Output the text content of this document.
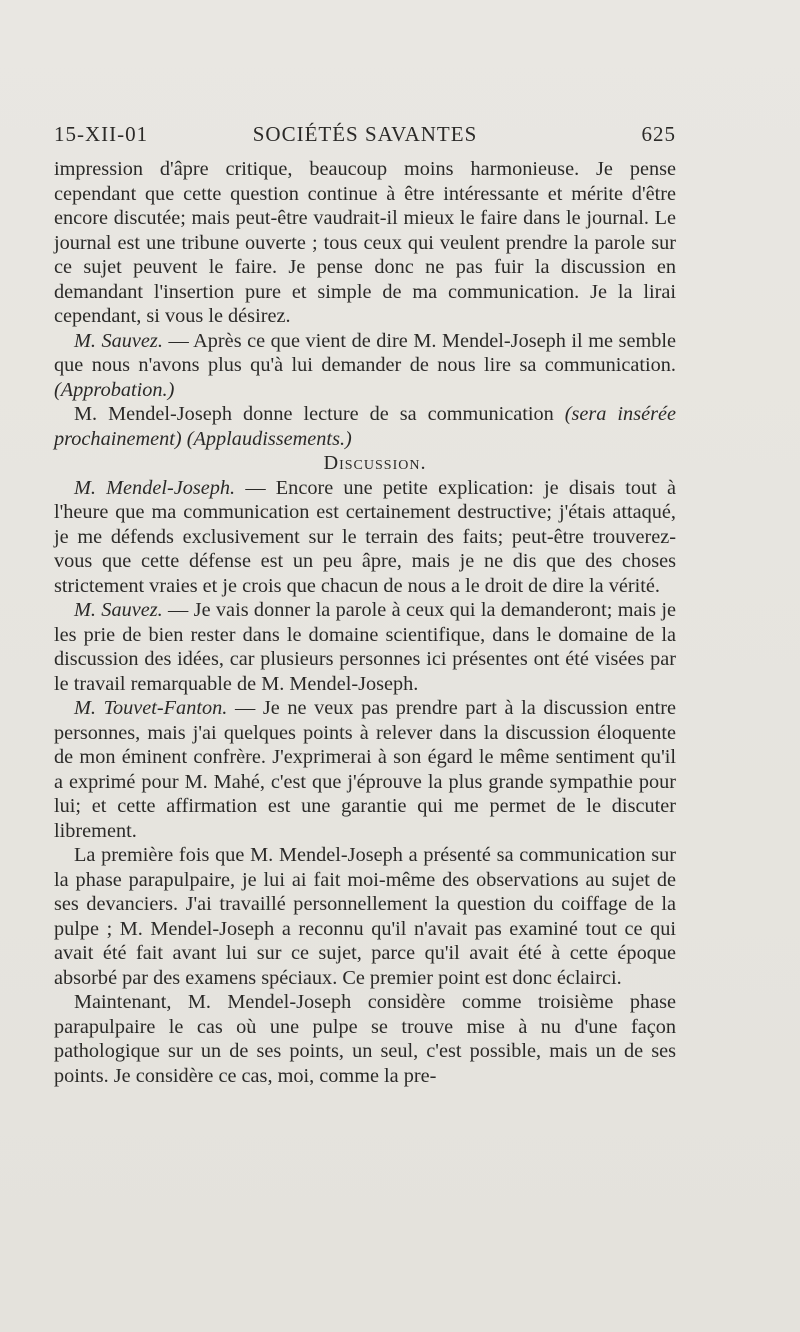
15-XII-01	SOCIÉTÉS SAVANTES	625

impression d'âpre critique, beaucoup moins harmonieuse. Je pense cependant que cette question continue à être intéressante et mérite d'être encore discutée; mais peut-être vaudrait-il mieux le faire dans le journal. Le journal est une tribune ouverte ; tous ceux qui veulent prendre la parole sur ce sujet peuvent le faire. Je pense donc ne pas fuir la discussion en demandant l'insertion pure et simple de ma communication. Je la lirai cependant, si vous le désirez.

M. Sauvez. — Après ce que vient de dire M. Mendel-Joseph il me semble que nous n'avons plus qu'à lui demander de nous lire sa communication. (Approbation.)

M. Mendel-Joseph donne lecture de sa communication (sera insérée prochainement) (Applaudissements.)

Discussion.

M. Mendel-Joseph. — Encore une petite explication: je disais tout à l'heure que ma communication est certainement destructive; j'étais attaqué, je me défends exclusivement sur le terrain des faits; peut-être trouverez-vous que cette défense est un peu âpre, mais je ne dis que des choses strictement vraies et je crois que chacun de nous a le droit de dire la vérité.

M. Sauvez. — Je vais donner la parole à ceux qui la demanderont; mais je les prie de bien rester dans le domaine scientifique, dans le domaine de la discussion des idées, car plusieurs personnes ici présentes ont été visées par le travail remarquable de M. Mendel-Joseph.

M. Touvet-Fanton. — Je ne veux pas prendre part à la discussion entre personnes, mais j'ai quelques points à relever dans la discussion éloquente de mon éminent confrère. J'exprimerai à son égard le même sentiment qu'il a exprimé pour M. Mahé, c'est que j'éprouve la plus grande sympathie pour lui; et cette affirmation est une garantie qui me permet de le discuter librement.

La première fois que M. Mendel-Joseph a présenté sa communication sur la phase parapulpaire, je lui ai fait moi-même des observations au sujet de ses devanciers. J'ai travaillé personnellement la question du coiffage de la pulpe ; M. Mendel-Joseph a reconnu qu'il n'avait pas examiné tout ce qui avait été fait avant lui sur ce sujet, parce qu'il avait été à cette époque absorbé par des examens spéciaux. Ce premier point est donc éclairci.

Maintenant, M. Mendel-Joseph considère comme troisième phase parapulpaire le cas où une pulpe se trouve mise à nu d'une façon pathologique sur un de ses points, un seul, c'est possible, mais un de ses points. Je considère ce cas, moi, comme la pre-
